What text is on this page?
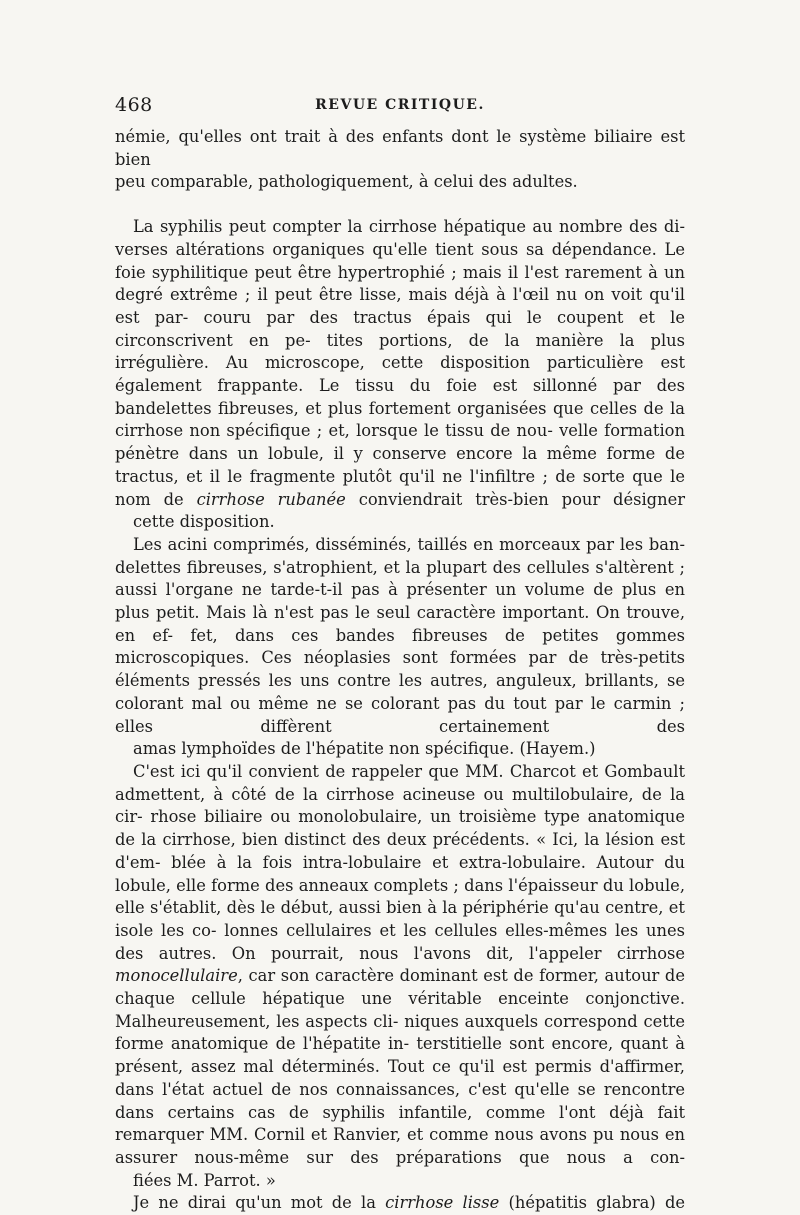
468	REVUE CRITIQUE.

némie, qu'elles ont trait à des enfants dont le système biliaire est bien
peu comparable, pathologiquement, à celui des adultes.

La syphilis peut compter la cirrhose hépatique au nombre des di- verses altérations organiques qu'elle tient sous sa dépendance. Le foie syphilitique peut être hypertrophié ; mais il l'est rarement à un degré extrême ; il peut être lisse, mais déjà à l'œil nu on voit qu'il est par- couru par des tractus épais qui le coupent et le circonscrivent en pe- tites portions, de la manière la plus irrégulière. Au microscope, cette disposition particulière est également frappante. Le tissu du foie est sillonné par des bandelettes fibreuses, et plus fortement organisées que celles de la cirrhose non spécifique ; et, lorsque le tissu de nou- velle formation pénètre dans un lobule, il y conserve encore la même forme de tractus, et il le fragmente plutôt qu'il ne l'infiltre ; de sorte que le nom de cirrhose rubanée conviendrait très-bien pour désigner
cette disposition.

Les acini comprimés, disséminés, taillés en morceaux par les ban- delettes fibreuses, s'atrophient, et la plupart des cellules s'altèrent ; aussi l'organe ne tarde-t-il pas à présenter un volume de plus en plus petit. Mais là n'est pas le seul caractère important. On trouve, en ef- fet, dans ces bandes fibreuses de petites gommes microscopiques. Ces néoplasies sont formées par de très-petits éléments pressés les uns contre les autres, anguleux, brillants, se colorant mal ou même ne se colorant pas du tout par le carmin ; elles diffèrent certainement des
amas lymphoïdes de l'hépatite non spécifique. (Hayem.)

C'est ici qu'il convient de rappeler que MM. Charcot et Gombault admettent, à côté de la cirrhose acineuse ou multilobulaire, de la cir- rhose biliaire ou monolobulaire, un troisième type anatomique de la cirrhose, bien distinct des deux précédents. « Ici, la lésion est d'em- blée à la fois intra-lobulaire et extra-lobulaire. Autour du lobule, elle forme des anneaux complets ; dans l'épaisseur du lobule, elle s'établit, dès le début, aussi bien à la périphérie qu'au centre, et isole les co- lonnes cellulaires et les cellules elles-mêmes les unes des autres. On pourrait, nous l'avons dit, l'appeler cirrhose monocellulaire, car son caractère dominant est de former, autour de chaque cellule hépatique une véritable enceinte conjonctive. Malheureusement, les aspects cli- niques auxquels correspond cette forme anatomique de l'hépatite in- terstitielle sont encore, quant à présent, assez mal déterminés. Tout ce qu'il est permis d'affirmer, dans l'état actuel de nos connaissances, c'est qu'elle se rencontre dans certains cas de syphilis infantile, comme l'ont déjà fait remarquer MM. Cornil et Ranvier, et comme nous avons pu nous en assurer nous-même sur des préparations que nous a con-
fiées M. Parrot. »

Je ne dirai qu'un mot de la cirrhose lisse (hépatitis glabra) de
